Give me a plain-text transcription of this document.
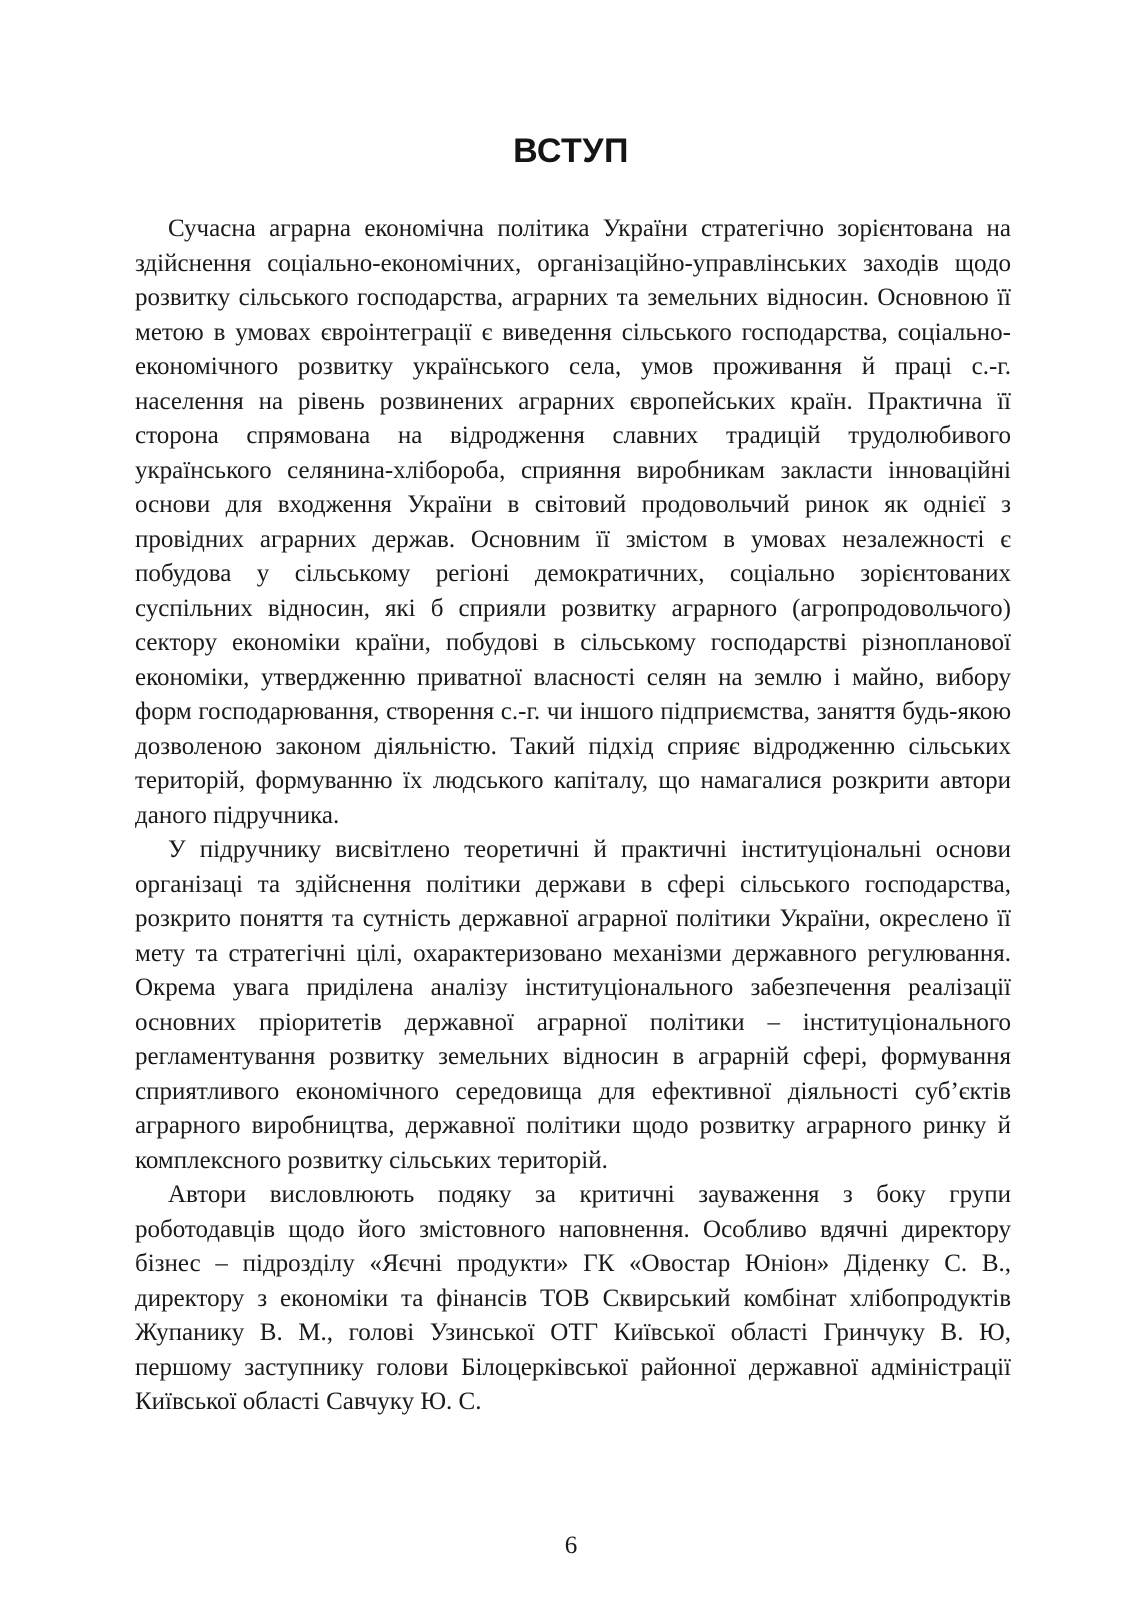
ВСТУП

Сучасна аграрна економічна політика України стратегічно зорієнтована на здійснення соціально-економічних, організаційно-управлінських заходів щодо розвитку сільського господарства, аграрних та земельних відносин. Основною її метою в умовах євроінтеграції є виведення сільського господарства, соціально-економічного розвитку українського села, умов проживання й праці с.-г. населення на рівень розвинених аграрних європейських країн. Практична її сторона спрямована на відродження славних традицій трудолюбивого українського селянина-хлібороба, сприяння виробникам закласти інноваційні основи для входження України в світовий продовольчий ринок як однієї з провідних аграрних держав. Основним її змістом в умовах незалежності є побудова у сільському регіоні демократичних, соціально зорієнтованих суспільних відносин, які б сприяли розвитку аграрного (агропродовольчого) сектору економіки країни, побудові в сільському господарстві різнопланової економіки, утвердженню приватної власності селян на землю і майно, вибору форм господарювання, створення с.-г. чи іншого підприємства, заняття будь-якою дозволеною законом діяльністю. Такий підхід сприяє відродженню сільських територій, формуванню їх людського капіталу, що намагалися розкрити автори даного підручника.

У підручнику висвітлено теоретичні й практичні інституціональні основи організаці та здійснення політики держави в сфері сільського господарства, розкрито поняття та сутність державної аграрної політики України, окреслено її мету та стратегічні цілі, охарактеризовано механізми державного регулювання. Окрема увага приділена аналізу інституціонального забезпечення реалізації основних пріоритетів державної аграрної політики – інституціонального регламентування розвитку земельних відносин в аграрній сфері, формування сприятливого економічного середовища для ефективної діяльності суб’єктів аграрного виробництва, державної політики щодо розвитку аграрного ринку й комплексного розвитку сільських територій.

Автори висловлюють подяку за критичні зауваження з боку групи роботодавців щодо його змістовного наповнення. Особливо вдячні директору бізнес – підрозділу «Яєчні продукти» ГК «Овостар Юніон» Діденку С. В., директору з економіки та фінансів ТОВ Сквирський комбінат хлібопродуктів Жупанику В. М., голові Узинської ОТГ Київської області Гринчуку В. Ю, першому заступнику голови Білоцерківської районної державної адміністрації Київської області Савчуку Ю. С.

6
